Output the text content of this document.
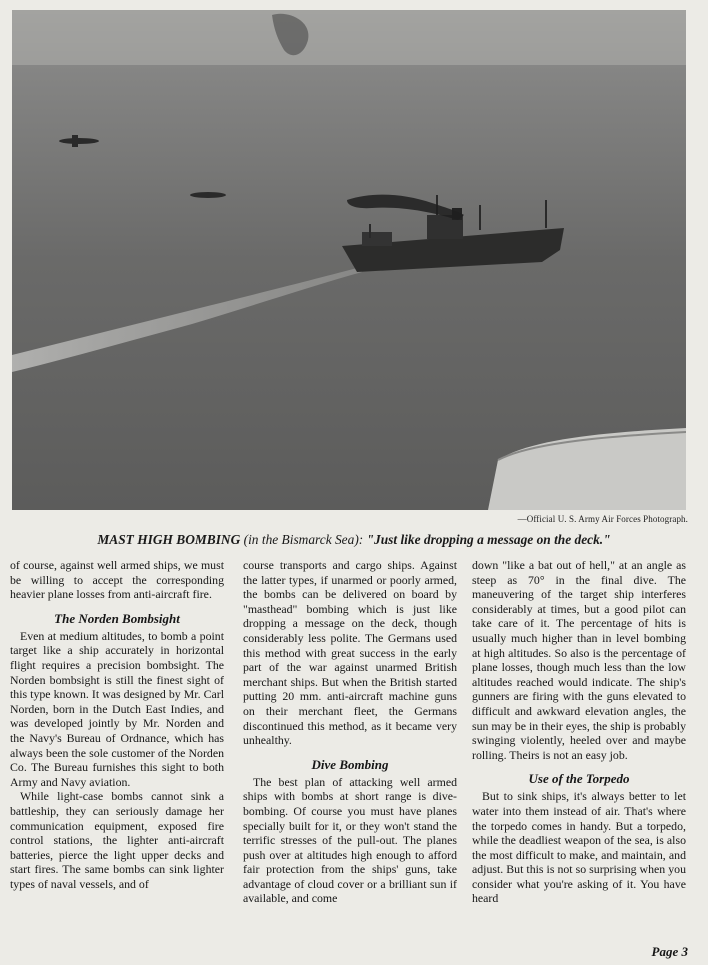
—Official U. S. Army Air Forces Photograph.
MAST HIGH BOMBING (in the Bismarck Sea): "Just like dropping a message on the deck."

of course, against well armed ships, we must be willing to accept the corresponding heavier plane losses from anti-aircraft fire.

The Norden Bombsight

Even at medium altitudes, to bomb a point target like a ship accurately in horizontal flight requires a precision bombsight. The Norden bombsight is still the finest sight of this type known. It was designed by Mr. Carl Norden, born in the Dutch East Indies, and was developed jointly by Mr. Norden and the Navy's Bureau of Ordnance, which has always been the sole customer of the Norden Co. The Bureau furnishes this sight to both Army and Navy aviation.

While light-case bombs cannot sink a battleship, they can seriously damage her communication equipment, exposed fire control stations, the lighter anti-aircraft batteries, pierce the light upper decks and start fires. The same bombs can sink lighter types of naval vessels, and of

course transports and cargo ships. Against the latter types, if unarmed or poorly armed, the bombs can be delivered on board by "masthead" bombing which is just like dropping a message on the deck, though considerably less polite. The Germans used this method with great success in the early part of the war against unarmed British merchant ships. But when the British started putting 20 mm. anti-aircraft machine guns on their merchant fleet, the Germans discontinued this method, as it became very unhealthy.

Dive Bombing

The best plan of attacking well armed ships with bombs at short range is dive-bombing. Of course you must have planes specially built for it, or they won't stand the terrific stresses of the pull-out. The planes push over at altitudes high enough to afford fair protection from the ships' guns, take advantage of cloud cover or a brilliant sun if available, and come

down "like a bat out of hell," at an angle as steep as 70° in the final dive. The maneuvering of the target ship interferes considerably at times, but a good pilot can take care of it. The percentage of hits is usually much higher than in level bombing at high altitudes. So also is the percentage of plane losses, though much less than the low altitudes reached would indicate. The ship's gunners are firing with the guns elevated to difficult and awkward elevation angles, the sun may be in their eyes, the ship is probably swinging violently, heeled over and maybe rolling. Theirs is not an easy job.

Use of the Torpedo

But to sink ships, it's always better to let water into them instead of air. That's where the torpedo comes in handy. But a torpedo, while the deadliest weapon of the sea, is also the most difficult to make, and maintain, and adjust. But this is not so surprising when you consider what you're asking of it. You have heard

Page 3
